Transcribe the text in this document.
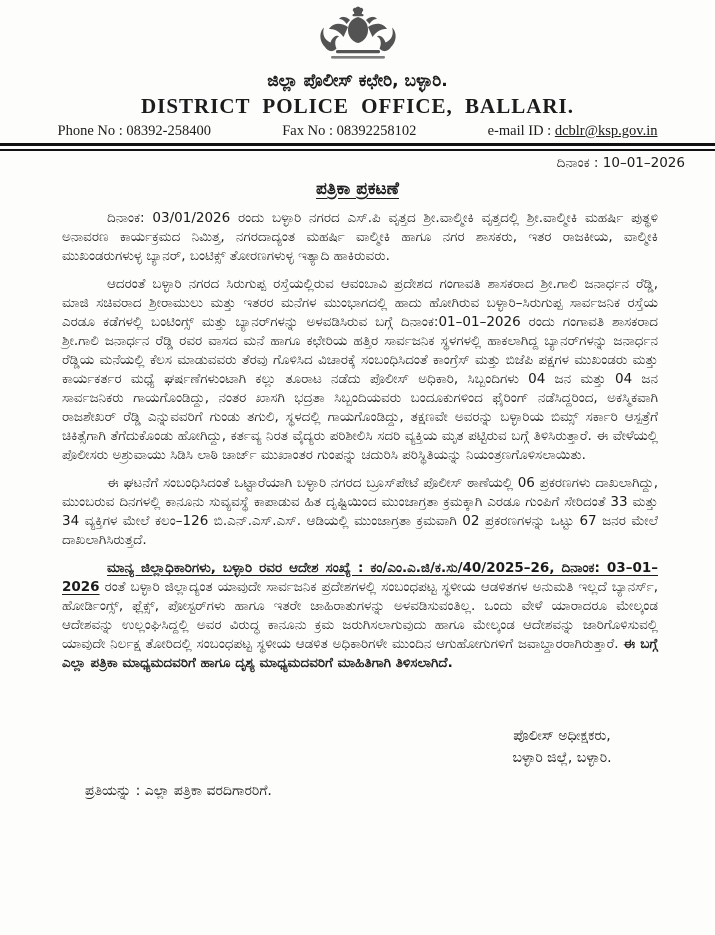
ಜಿಲ್ಲಾ ಪೊಲೀಸ್ ಕಛೇರಿ, ಬಳ್ಳಾರಿ.
DISTRICT POLICE OFFICE, BALLARI.
Phone No : 08392-258400	Fax No : 08392258102	e-mail ID : dcblr@ksp.gov.in
ದಿನಾಂಕ : 10–01–2026
ಪತ್ರಿಕಾ ಪ್ರಕಟಣೆ

ದಿನಾಂಕ: 03/01/2026 ರಂದು ಬಳ್ಳಾರಿ ನಗರದ ಎಸ್.ಪಿ ವೃತ್ತದ ಶ್ರೀ.ವಾಲ್ಮೀಕಿ ವೃತ್ತದಲ್ಲಿ ಶ್ರೀ.ವಾಲ್ಮೀಕಿ ಮಹರ್ಷಿ ಪುತ್ಥಳಿ ಅನಾವರಣ ಕಾರ್ಯಕ್ರಮದ ನಿಮಿತ್ತ, ನಗರದಾದ್ಯಂತ ಮಹರ್ಷಿ ವಾಲ್ಮೀಕಿ ಹಾಗೂ ನಗರ ಶಾಸಕರು, ಇತರ ರಾಜಕೀಯ, ವಾಲ್ಮೀಕಿ ಮುಖಂಡರುಗಳುಳ್ಳ ಬ್ಯಾನರ್, ಬಂಟಿಕ್ಸ್ ತೋರಣಗಳುಳ್ಳ ಇತ್ಯಾದಿ ಹಾಕಿರುವರು.

ಆದರಂತೆ ಬಳ್ಳಾರಿ ನಗರದ ಸಿರುಗುಪ್ಪ ರಸ್ತೆಯಲ್ಲಿರುವ ಆವಂಬಾವಿ ಪ್ರದೇಶದ ಗಂಗಾವತಿ ಶಾಸಕರಾದ ಶ್ರೀ.ಗಾಲಿ ಜನಾರ್ಧನ ರೆಡ್ಡಿ, ಮಾಜಿ ಸಚಿವರಾದ ಶ್ರೀರಾಮುಲು ಮತ್ತು ಇತರರ ಮನೆಗಳ ಮುಂಭಾಗದಲ್ಲಿ ಹಾದು ಹೋಗಿರುವ ಬಳ್ಳಾರಿ–ಸಿರುಗುಪ್ಪ ಸಾರ್ವಜನಿಕ ರಸ್ತೆಯ ಎರಡೂ ಕಡೆಗಳಲ್ಲಿ ಬಂಟಿಂಗ್ಸ್ ಮತ್ತು ಬ್ಯಾನರ್‌ಗಳನ್ನು ಅಳವಡಿಸಿರುವ ಬಗ್ಗೆ ದಿನಾಂಕ:01–01–2026 ರಂದು ಗಂಗಾವತಿ ಶಾಸಕರಾದ ಶ್ರೀ.ಗಾಲಿ ಜನಾರ್ಧನ ರೆಡ್ಡಿ ರವರ ವಾಸದ ಮನೆ ಹಾಗೂ ಕಛೇರಿಯ ಹತ್ತಿರ ಸಾರ್ವಜನಿಕ ಸ್ಥಳಗಳಲ್ಲಿ ಹಾಕಲಾಗಿದ್ದ ಬ್ಯಾನರ್‌ಗಳನ್ನು ಜನಾರ್ಧನ ರೆಡ್ಡಿಯ ಮನೆಯಲ್ಲಿ ಕೆಲಸ ಮಾಡುವವರು ತೆರವು ಗೊಳಿಸಿದ ವಿಚಾರಕ್ಕೆ ಸಂಬಂಧಿಸಿದಂತೆ ಕಾಂಗ್ರೆಸ್ ಮತ್ತು ಬಿಜೆಪಿ ಪಕ್ಷಗಳ ಮುಖಂಡರು ಮತ್ತು ಕಾರ್ಯಕರ್ತರ ಮಧ್ಯೆ ಘರ್ಷಣೆಗಳುಂಟಾಗಿ ಕಲ್ಲು ತೂರಾಟ ನಡೆದು ಪೊಲೀಸ್ ಅಧಿಕಾರಿ, ಸಿಬ್ಬಂದಿಗಳು 04 ಜನ ಮತ್ತು 04 ಜನ ಸಾರ್ವಜನಿಕರು ಗಾಯಗೊಂಡಿದ್ದು, ನಂತರ ಖಾಸಗಿ ಭದ್ರತಾ ಸಿಬ್ಬಂದಿಯವರು ಬಂದೂಕುಗಳಿಂದ ಫೈರಿಂಗ್ ನಡೆಸಿದ್ದರಿಂದ, ಅಕಸ್ಮಿಕವಾಗಿ ರಾಜಶೇಖರ್ ರೆಡ್ಡಿ ಎನ್ನುವವರಿಗೆ ಗುಂಡು ತಗುಲಿ, ಸ್ಥಳದಲ್ಲಿ ಗಾಯಗೊಂಡಿದ್ದು, ತಕ್ಷಣವೇ ಅವರನ್ನು ಬಳ್ಳಾರಿಯ ಬಿಮ್ಸ್ ಸರ್ಕಾರಿ ಆಸ್ಪತ್ರೆಗೆ ಚಿಕಿತ್ಸೆಗಾಗಿ ತೆಗೆದುಕೊಂಡು ಹೋಗಿದ್ದು, ಕರ್ತವ್ಯ ನಿರತ ವೈದ್ಯರು ಪರಿಶೀಲಿಸಿ ಸದರಿ ವ್ಯಕ್ತಿಯ ಮೃತ ಪಟ್ಟಿರುವ ಬಗ್ಗೆ ತಿಳಿಸಿರುತ್ತಾರೆ. ಈ ವೇಳೆಯಲ್ಲಿ ಪೊಲೀಸರು ಅಶ್ರುವಾಯು ಸಿಡಿಸಿ ಲಾಠಿ ಚಾರ್ಜ್ ಮುಖಾಂತರ ಗುಂಪನ್ನು ಚದುರಿಸಿ ಪರಿಸ್ಥಿತಿಯನ್ನು ನಿಯಂತ್ರಣಗೊಳಿಸಲಾಯಿತು.

ಈ ಘಟನೆಗೆ ಸಂಬಂಧಿಸಿದಂತೆ ಒಟ್ಟಾರೆಯಾಗಿ ಬಳ್ಳಾರಿ ನಗರದ ಬ್ರೂಸ್‌ಪೇಟೆ ಪೊಲೀಸ್ ಠಾಣೆಯಲ್ಲಿ 06 ಪ್ರಕರಣಗಳು ದಾಖಲಾಗಿದ್ದು, ಮುಂಬರುವ ದಿನಗಳಲ್ಲಿ ಕಾನೂನು ಸುವ್ಯವಸ್ಥೆ ಕಾಪಾಡುವ ಹಿತ ದೃಷ್ಟಿಯಿಂದ ಮುಂಜಾಗ್ರತಾ ಕ್ರಮಕ್ಕಾಗಿ ಎರಡೂ ಗುಂಪಿಗೆ ಸೇರಿದಂತೆ 33 ಮತ್ತು 34 ವ್ಯಕ್ತಿಗಳ ಮೇಲೆ ಕಲಂ–126 ಬಿ.ಎನ್.ಎಸ್.ಎಸ್. ಆಡಿಯಲ್ಲಿ ಮುಂಜಾಗ್ರತಾ ಕ್ರಮವಾಗಿ 02 ಪ್ರಕರಣಗಳನ್ನು ಒಟ್ಟು 67 ಜನರ ಮೇಲೆ ದಾಖಲಾಗಿಸಿರುತ್ತದೆ.

ಮಾನ್ಯ ಜಿಲ್ಲಾಧಿಕಾರಿಗಳು, ಬಳ್ಳಾರಿ ರವರ ಆದೇಶ ಸಂಖ್ಯೆ : ಕಂ/ಎಂ.ಎ.ಜಿ/ಕ.ಸು/40/2025–26, ದಿನಾಂಕ: 03–01–2026 ರಂತೆ ಬಳ್ಳಾರಿ ಜಿಲ್ಲಾದ್ಯಂತ ಯಾವುದೇ ಸಾರ್ವಜನಿಕ ಪ್ರದೇಶಗಳಲ್ಲಿ ಸಂಬಂಧಪಟ್ಟ ಸ್ಥಳೀಯ ಆಡಳಿತಗಳ ಅನುಮತಿ ಇಲ್ಲದೆ ಬ್ಯಾನರ್ಸ್, ಹೋರ್ಡಿಂಗ್ಸ್, ಫ್ಲೆಕ್ಸ್, ಪೋಸ್ಟರ್‌ಗಳು ಹಾಗೂ ಇತರೇ ಜಾಹಿರಾತುಗಳನ್ನು ಅಳವಡಿಸುವಂತಿಲ್ಲ. ಒಂದು ವೇಳೆ ಯಾರಾದರೂ ಮೇಲ್ಕಂಡ ಆದೇಶವನ್ನು ಉಲ್ಲಂಘಿಸಿದ್ದಲ್ಲಿ ಅವರ ವಿರುದ್ಧ ಕಾನೂನು ಕ್ರಮ ಜರುಗಿಸಲಾಗುವುದು ಹಾಗೂ ಮೇಲ್ಕಂಡ ಆದೇಶವನ್ನು ಜಾರಿಗೊಳಿಸುವಲ್ಲಿ ಯಾವುದೇ ನಿರ್ಲಕ್ಷ ತೋರಿದಲ್ಲಿ ಸಂಬಂಧಪಟ್ಟ ಸ್ಥಳೀಯ ಆಡಳಿತ ಅಧಿಕಾರಿಗಳೇ ಮುಂದಿನ ಆಗುಹೋಗುಗಳಿಗೆ ಜವಾಬ್ದಾರರಾಗಿರುತ್ತಾರೆ. ಈ ಬಗ್ಗೆ ಎಲ್ಲಾ ಪತ್ರಿಕಾ ಮಾಧ್ಯಮದವರಿಗೆ ಹಾಗೂ ದೃಶ್ಯ ಮಾಧ್ಯಮದವರಿಗೆ ಮಾಹಿತಿಗಾಗಿ ತಿಳಿಸಲಾಗಿದೆ.

ಪೊಲೀಸ್ ಅಧೀಕ್ಷಕರು,
ಬಳ್ಳಾರಿ ಜಿಲ್ಲೆ, ಬಳ್ಳಾರಿ.
ಪ್ರತಿಯನ್ನು : ಎಲ್ಲಾ ಪತ್ರಿಕಾ ವರದಿಗಾರರಿಗೆ.
